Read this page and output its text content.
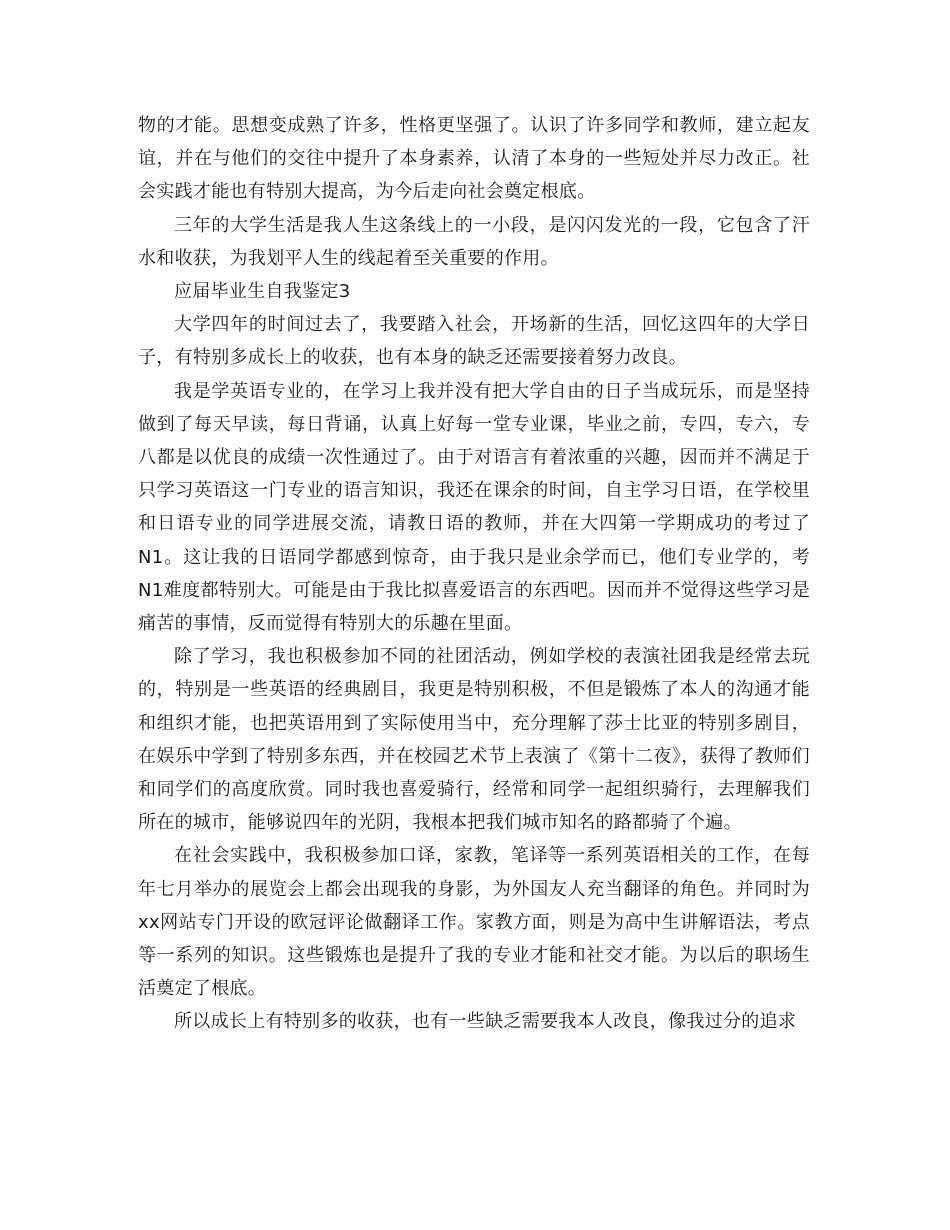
物的才能。思想变成熟了许多，性格更坚强了。认识了许多同学和教师，建立起友谊，并在与他们的交往中提升了本身素养，认清了本身的一些短处并尽力改正。社会实践才能也有特别大提高，为今后走向社会奠定根底。

三年的大学生活是我人生这条线上的一小段，是闪闪发光的一段，它包含了汗水和收获，为我划平人生的线起着至关重要的作用。

应届毕业生自我鉴定3

大学四年的时间过去了，我要踏入社会，开场新的生活，回忆这四年的大学日子，有特别多成长上的收获，也有本身的缺乏还需要接着努力改良。

我是学英语专业的，在学习上我并没有把大学自由的日子当成玩乐，而是坚持做到了每天早读，每日背诵，认真上好每一堂专业课，毕业之前，专四，专六，专八都是以优良的成绩一次性通过了。由于对语言有着浓重的兴趣，因而并不满足于只学习英语这一门专业的语言知识，我还在课余的时间，自主学习日语，在学校里和日语专业的同学进展交流，请教日语的教师，并在大四第一学期成功的考过了N1。这让我的日语同学都感到惊奇，由于我只是业余学而已，他们专业学的，考N1难度都特别大。可能是由于我比拟喜爱语言的东西吧。因而并不觉得这些学习是痛苦的事情，反而觉得有特别大的乐趣在里面。

除了学习，我也积极参加不同的社团活动，例如学校的表演社团我是经常去玩的，特别是一些英语的经典剧目，我更是特别积极，不但是锻炼了本人的沟通才能和组织才能，也把英语用到了实际使用当中，充分理解了莎士比亚的特别多剧目，在娱乐中学到了特别多东西，并在校园艺术节上表演了《第十二夜》，获得了教师们和同学们的高度欣赏。同时我也喜爱骑行，经常和同学一起组织骑行，去理解我们所在的城市，能够说四年的光阴，我根本把我们城市知名的路都骑了个遍。

在社会实践中，我积极参加口译，家教，笔译等一系列英语相关的工作，在每年七月举办的展览会上都会出现我的身影，为外国友人充当翻译的角色。并同时为xx网站专门开设的欧冠评论做翻译工作。家教方面，则是为高中生讲解语法，考点等一系列的知识。这些锻炼也是提升了我的专业才能和社交才能。为以后的职场生活奠定了根底。

所以成长上有特别多的收获，也有一些缺乏需要我本人改良，像我过分的追求
